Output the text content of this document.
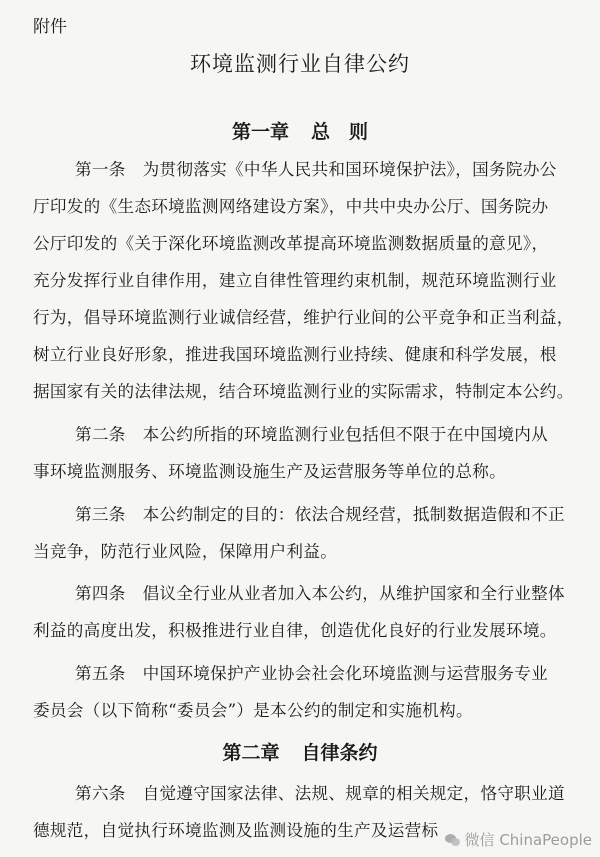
附件
环境监测行业自律公约
第一章 总　则
第一条　为贯彻落实《中华人民共和国环境保护法》，国务院办公
厅印发的《生态环境监测网络建设方案》，中共中央办公厅、国务院办
公厅印发的《关于深化环境监测改革提高环境监测数据质量的意见》，
充分发挥行业自律作用，建立自律性管理约束机制，规范环境监测行业
行为，倡导环境监测行业诚信经营，维护行业间的公平竞争和正当利益，
树立行业良好形象，推进我国环境监测行业持续、健康和科学发展，根
据国家有关的法律法规，结合环境监测行业的实际需求，特制定本公约。
第二条　本公约所指的环境监测行业包括但不限于在中国境内从
事环境监测服务、环境监测设施生产及运营服务等单位的总称。
第三条　本公约制定的目的：依法合规经营，抵制数据造假和不正
当竞争，防范行业风险，保障用户利益。
第四条　倡议全行业从业者加入本公约，从维护国家和全行业整体
利益的高度出发，积极推进行业自律，创造优化良好的行业发展环境。
第五条　中国环境保护产业协会社会化环境监测与运营服务专业
委员会（以下简称“委员会”）是本公约的制定和实施机构。
第二章 自律条约
第六条　自觉遵守国家法律、法规、规章的相关规定，恪守职业道
德规范，自觉执行环境监测及监测设施的生产及运营标	微信 ChinaPeople
